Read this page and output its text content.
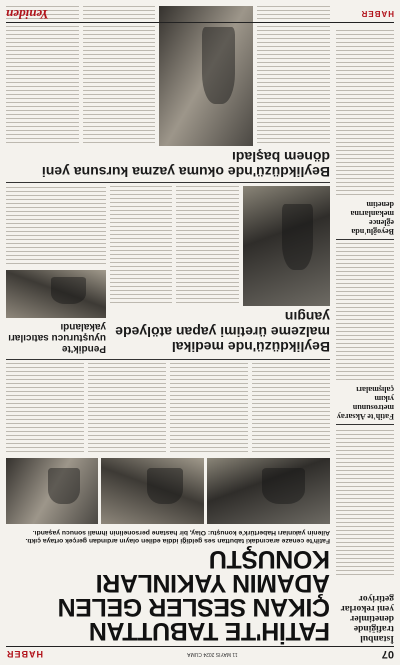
07
11 MAYIS 2024 CUMA
HABER
İstanbul trafiğinde denetimler yeni rekorlar getiriyor

Fatih'te Aksaray metrosunun yıkım çalışmaları
Beyoğlu'nda eğlence mekanlarına denetim
FATİH'TE TABUTTAN ÇIKAN SESLER GELEN ADAMIN YAKINLARI KONUŞTU
Fatih'te cenaze aracındaki tabuttan ses geldiği iddia edilen olayın ardından gerçek ortaya çıktı. Ailenin yakınları Habertürk'e konuştu: Olay, bir hastane personelinin ihmali sonucu yaşandı.
Beylikdüzü'nde medikal malzeme üretimi yapan atölyede yangın
Pendik'te uyuşturucu satıcıları yakalandı
Beylikdüzü'nde okuma yazma kursuna yeni dönem başladı
HABER
Yeniden
